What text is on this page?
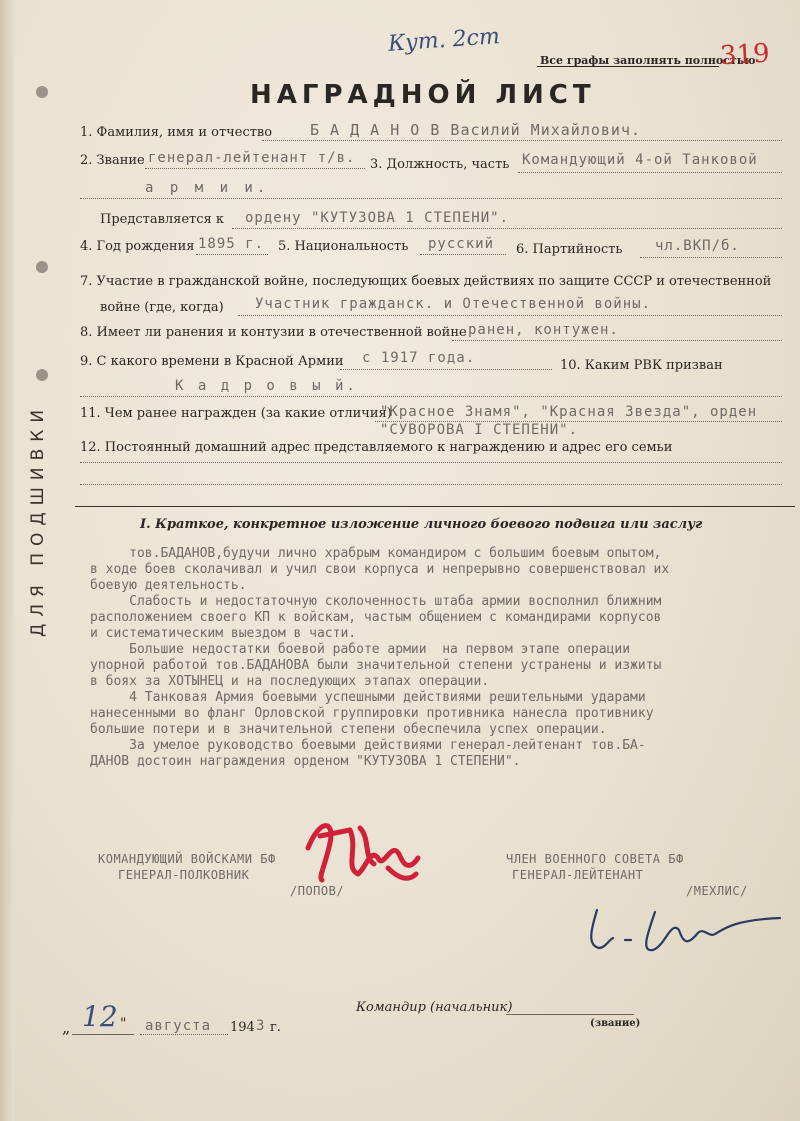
ДЛЯ ПОДШИВКИ
Кут. 2ст
Все графы заполнять полностью
319
НАГРАДНОЙ ЛИСТ
1. Фамилия, имя и отчество	Б А Д А Н О В Василий Михайлович.
2. Звание генерал-лейтенант т/в. 3. Должность, часть Командующий 4-ой Танковой
а р м и и.
Представляется к ордену "КУТУЗОВА 1 СТЕПЕНИ".
4. Год рождения 1895 г. 5. Национальность русский 6. Партийность чл.ВКП/б.
7. Участие в гражданской войне, последующих боевых действиях по защите СССР и отечественной
войне (где, когда) Участник гражданск. и Отечественной войны.
8. Имеет ли ранения и контузии в отечественной войне ранен, контужен.
9. С какого времени в Красной Армии с 1917 года.	10. Каким РВК призван
К а д р о в ы й.
11. Чем ранее награжден (за какие отличия)
"Красное Знамя", "Красная Звезда", орден
"СУВОРОВА I СТЕПЕНИ".
12. Постоянный домашний адрес представляемого к награждению и адрес его семьи
I. Краткое, конкретное изложение личного боевого подвига или заслуг

тов.БАДАНОВ,будучи лично храбрым командиром с большим боевым опытом,
в ходе боев сколачивал и учил свои корпуса и непрерывно совершенствовал их
боевую деятельность.

Слабость и недостаточную сколоченность штаба армии восполнил ближним
расположением своего КП к войскам, частым общением с командирами корпусов
и систематическим выездом в части.

Большие недостатки боевой работе армии  на первом этапе операции
упорной работой тов.БАДАНОВА были значительной степени устранены и изжиты
в боях за ХОТЫНЕЦ и на последующих этапах операции.

4 Танковая Армия боевыми успешными действиями решительными ударами
нанесенными во фланг Орловской группировки противника нанесла противнику
большие потери и в значительной степени обеспечила успех операции.

За умелое руководство боевыми действиями генерал-лейтенант тов.БА-
ДАНОВ достоин награждения орденом "КУТУЗОВА 1 СТЕПЕНИ".

КОМАНДУЮЩИЙ ВОЙСКАМИ БФ
ГЕНЕРАЛ-ПОЛКОВНИК
/ПОПОВ/
ЧЛЕН ВОЕННОГО СОВЕТА БФ
ГЕНЕРАЛ-ЛЕЙТЕНАНТ
/МЕХЛИС/
„ 12 " августа 194 3 г.
Командир (начальник)
(звание)
